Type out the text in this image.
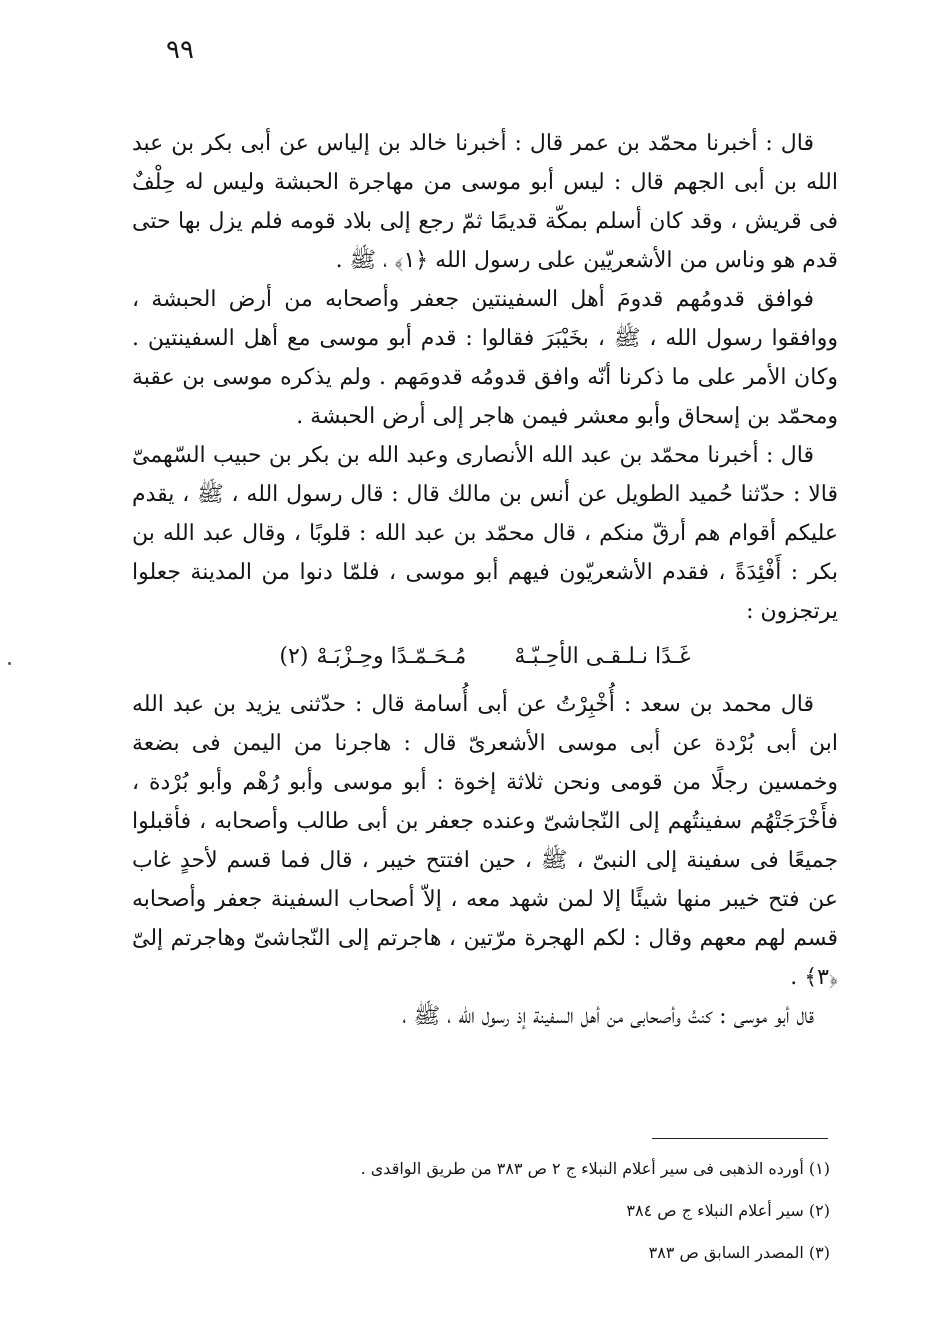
٩٩

قال : أخبرنا محمّد بن عمر قال : أخبرنا خالد بن إلياس عن أبى بكر بن عبد الله بن أبى الجهم قال : ليس أبو موسى من مهاجرة الحبشة وليس له حِلْفٌ فى قريش ، وقد كان أسلم بمكّة قديمًا ثمّ رجع إلى بلاد قومه فلم يزل بها حتى قدم هو وناس من الأشعريّين على رسول الله ﴿١﴾ ، ﷺ .

فوافق قدومُهم قدومَ أهل السفينتين جعفر وأصحابه من أرض الحبشة ، ووافقوا رسول الله ، ﷺ ، بخَيْبَرَ فقالوا : قدم أبو موسى مع أهل السفينتين . وكان الأمر على ما ذكرنا أنّه وافق قدومُه قدومَهم . ولم يذكره موسى بن عقبة ومحمّد بن إسحاق وأبو معشر فيمن هاجر إلى أرض الحبشة .

قال : أخبرنا محمّد بن عبد الله الأنصارى وعبد الله بن بكر بن حبيب السّهمىّ قالا : حدّثنا حُميد الطويل عن أنس بن مالك قال : قال رسول الله ، ﷺ ، يقدم عليكم أقوام هم أرقّ منكم ، قال محمّد بن عبد الله : قلوبًا ، وقال عبد الله بن بكر : أَفْئِدَةً ، فقدم الأشعريّون فيهم أبو موسى ، فلمّا دنوا من المدينة جعلوا يرتجزون :

غَـدًا نـلـقـى الأحِـبّـهْ مُـحَـمّـدًا وحِـزْبَـهْ (٢)

قال محمد بن سعد : أُخْبِرْتُ عن أبى أُسامة قال : حدّثنى يزيد بن عبد الله ابن أبى بُرْدة عن أبى موسى الأشعرىّ قال : هاجرنا من اليمن فى بضعة وخمسين رجلًا من قومى ونحن ثلاثة إخوة : أبو موسى وأبو رُهْم وأبو بُرْدة ، فأَخْرَجَتْهُم سفينتُهم إلى النّجاشىّ وعنده جعفر بن أبى طالب وأصحابه ، فأقبلوا جميعًا فى سفينة إلى النبىّ ، ﷺ ، حين افتتح خيبر ، قال فما قسم لأحدٍ غاب عن فتح خيبر منها شيئًا إلا لمن شهد معه ، إلاّ أصحاب السفينة جعفر وأصحابه قسم لهم معهم وقال : لكم الهجرة مرّتين ، هاجرتم إلى النّجاشىّ وهاجرتم إلىّ ﴿٣﴾ .

قال أبو موسى : كنتُ وأصحابى من أهل السفينة إذ رسول الله ، ﷺ ،

(١) أورده الذهبى فى سير أعلام النبلاء ج ٢ ص ٣٨٣ من طريق الواقدى .
(٢) سير أعلام النبلاء ج ص ٣٨٤
(٣) المصدر السابق ص ٣٨٣
